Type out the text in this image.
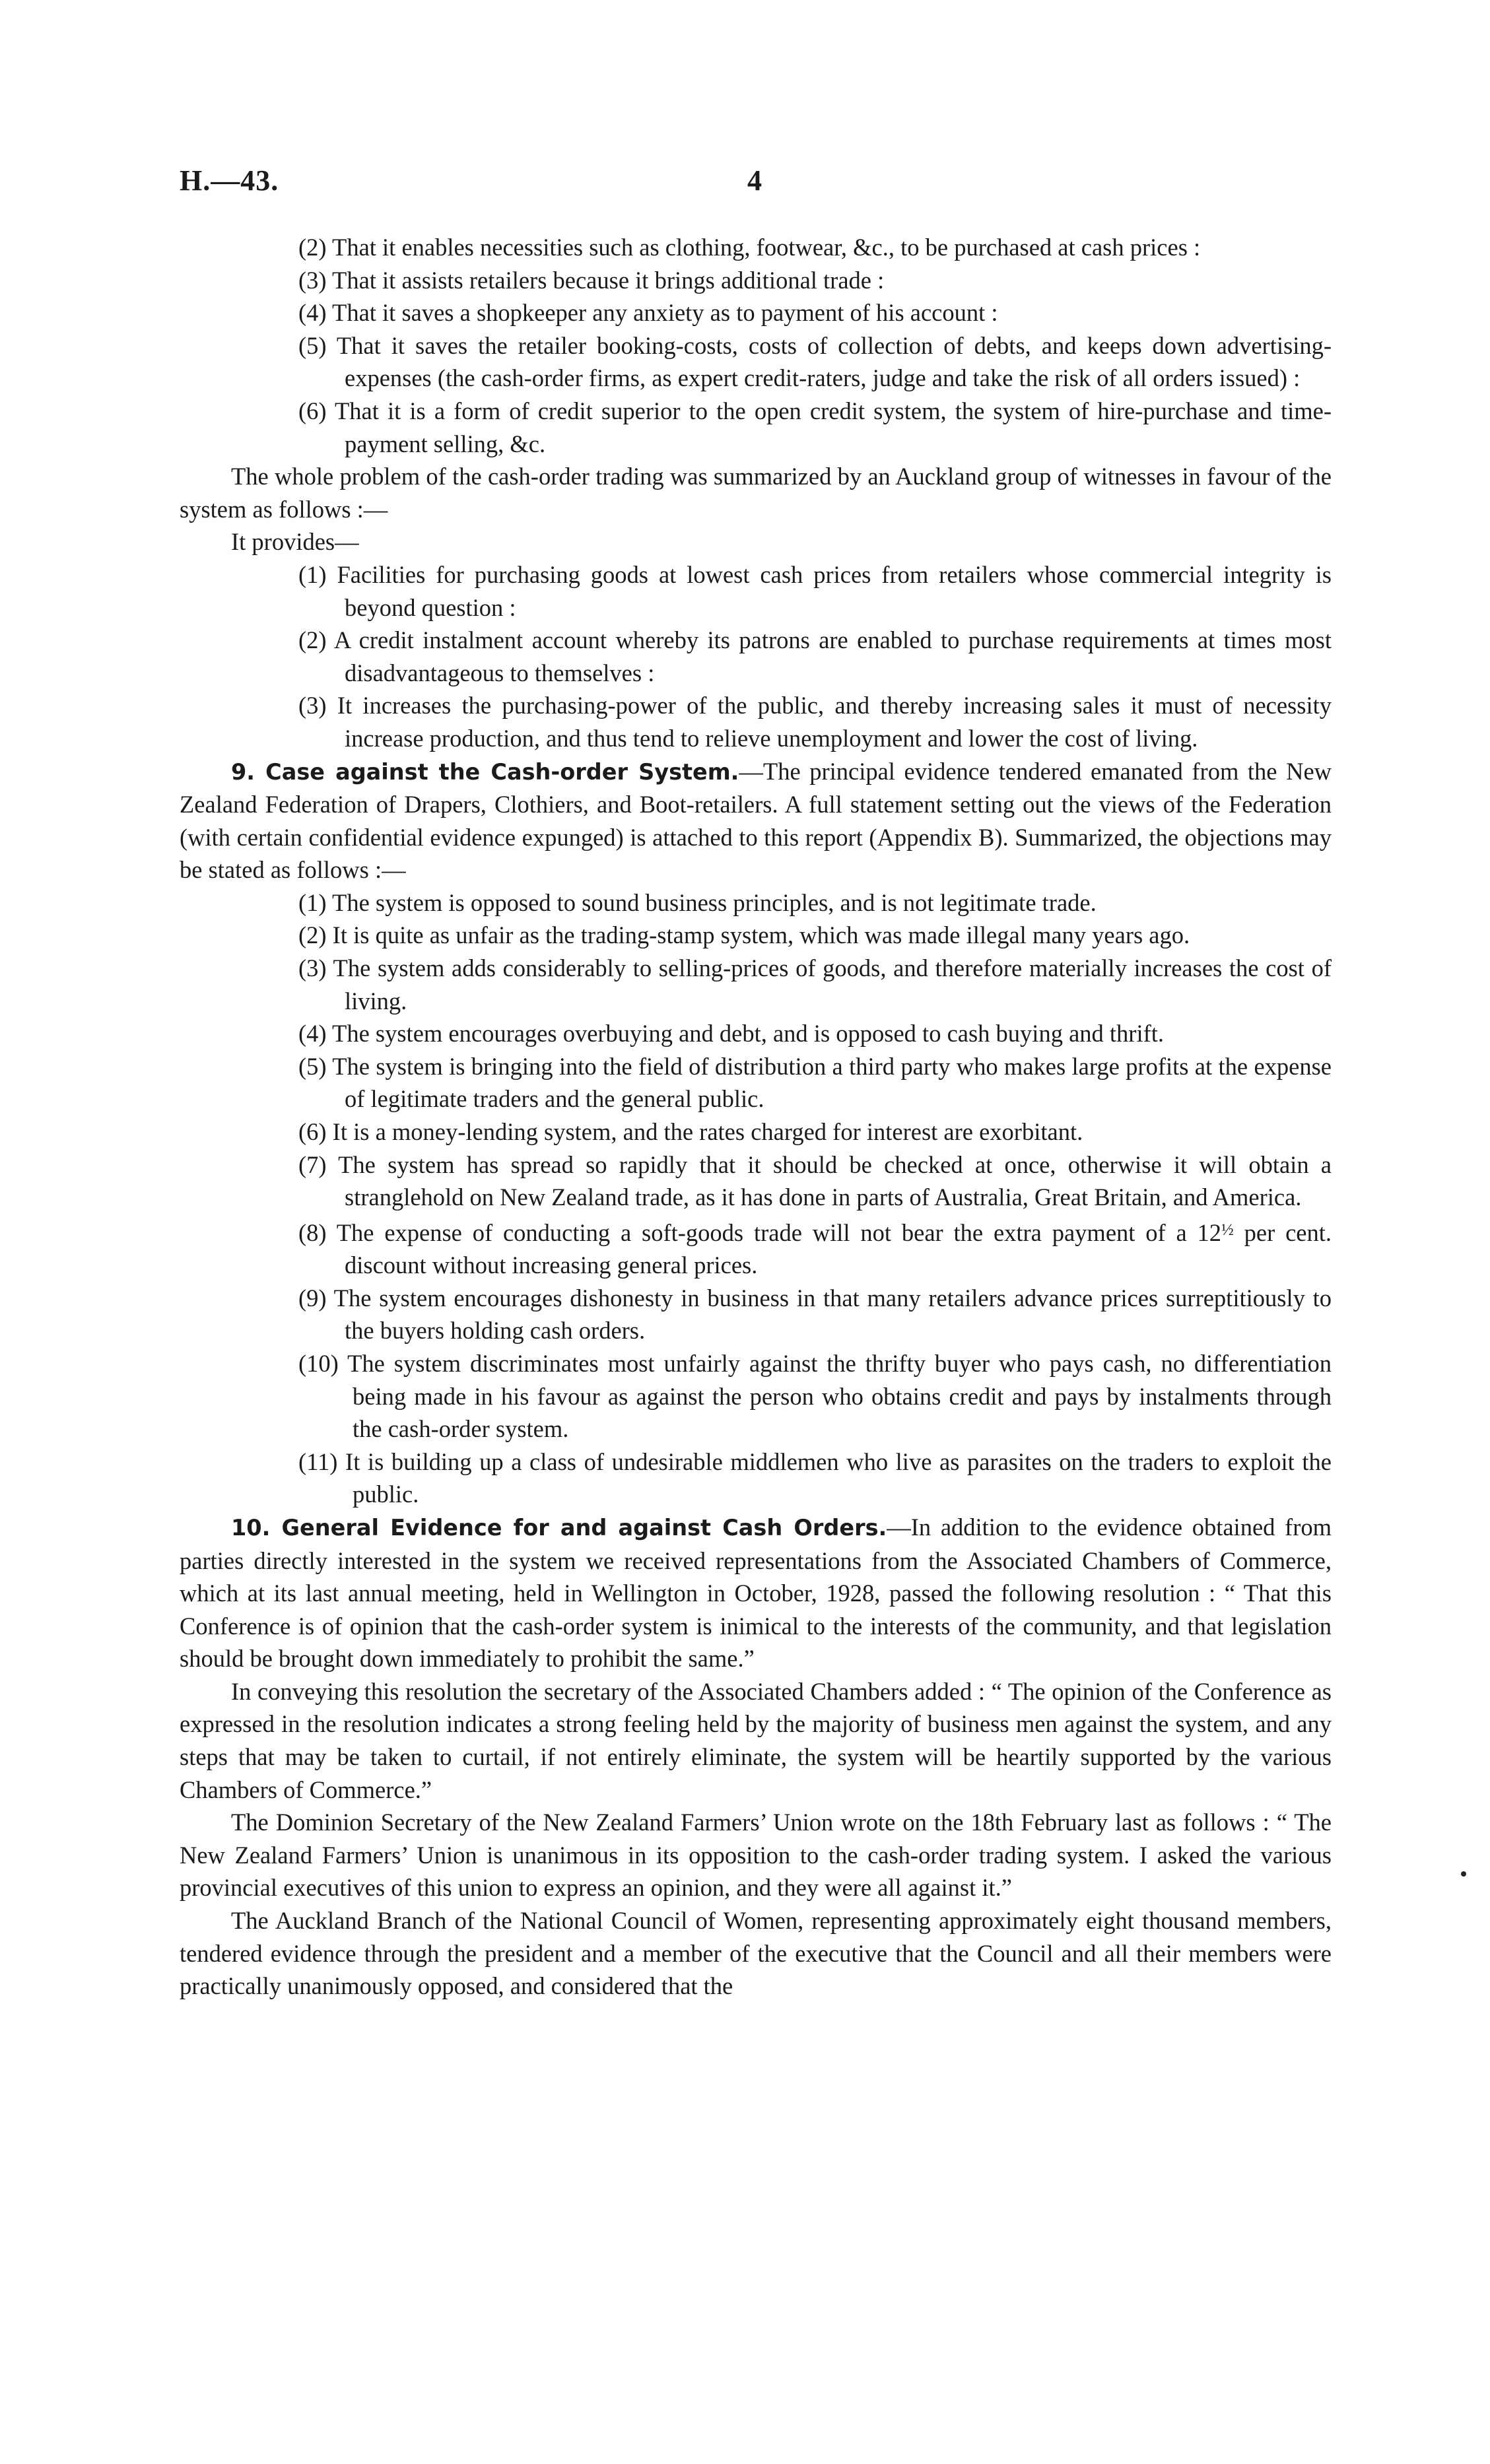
H.—43.	4

(2) That it enables necessities such as clothing, footwear, &c., to be purchased at cash prices :

(3) That it assists retailers because it brings additional trade :

(4) That it saves a shopkeeper any anxiety as to payment of his account :

(5) That it saves the retailer booking-costs, costs of collection of debts, and keeps down advertising-expenses (the cash-order firms, as expert credit-raters, judge and take the risk of all orders issued) :

(6) That it is a form of credit superior to the open credit system, the system of hire-purchase and time-payment selling, &c.

The whole problem of the cash-order trading was summarized by an Auckland group of witnesses in favour of the system as follows :—

It provides—

(1) Facilities for purchasing goods at lowest cash prices from retailers whose commercial integrity is beyond question :

(2) A credit instalment account whereby its patrons are enabled to purchase requirements at times most disadvantageous to themselves :

(3) It increases the purchasing-power of the public, and thereby increasing sales it must of necessity increase production, and thus tend to relieve unemployment and lower the cost of living.

9. Case against the Cash-order System.—The principal evidence tendered emanated from the New Zealand Federation of Drapers, Clothiers, and Boot-retailers. A full statement setting out the views of the Federation (with certain confidential evidence expunged) is attached to this report (Appendix B). Summarized, the objections may be stated as follows :—

(1) The system is opposed to sound business principles, and is not legitimate trade.

(2) It is quite as unfair as the trading-stamp system, which was made illegal many years ago.

(3) The system adds considerably to selling-prices of goods, and therefore materially increases the cost of living.

(4) The system encourages overbuying and debt, and is opposed to cash buying and thrift.

(5) The system is bringing into the field of distribution a third party who makes large profits at the expense of legitimate traders and the general public.

(6) It is a money-lending system, and the rates charged for interest are exorbitant.

(7) The system has spread so rapidly that it should be checked at once, otherwise it will obtain a stranglehold on New Zealand trade, as it has done in parts of Australia, Great Britain, and America.

(8) The expense of conducting a soft-goods trade will not bear the extra payment of a $12^{\frac{1}{2}}$ per cent. discount without increasing general prices.

(9) The system encourages dishonesty in business in that many retailers advance prices surreptitiously to the buyers holding cash orders.

(10) The system discriminates most unfairly against the thrifty buyer who pays cash, no differentiation being made in his favour as against the person who obtains credit and pays by instalments through the cash-order system.

(11) It is building up a class of undesirable middlemen who live as parasites on the traders to exploit the public.

10. General Evidence for and against Cash Orders.—In addition to the evidence obtained from parties directly interested in the system we received representations from the Associated Chambers of Commerce, which at its last annual meeting, held in Wellington in October, 1928, passed the following resolution : “ That this Conference is of opinion that the cash-order system is inimical to the interests of the community, and that legislation should be brought down immediately to prohibit the same.”

In conveying this resolution the secretary of the Associated Chambers added : “ The opinion of the Conference as expressed in the resolution indicates a strong feeling held by the majority of business men against the system, and any steps that may be taken to curtail, if not entirely eliminate, the system will be heartily supported by the various Chambers of Commerce.”

The Dominion Secretary of the New Zealand Farmers’ Union wrote on the 18th February last as follows : “ The New Zealand Farmers’ Union is unanimous in its opposition to the cash-order trading system. I asked the various provincial executives of this union to express an opinion, and they were all against it.”

The Auckland Branch of the National Council of Women, representing approximately eight thousand members, tendered evidence through the president and a member of the executive that the Council and all their members were practically unanimously opposed, and considered that the
